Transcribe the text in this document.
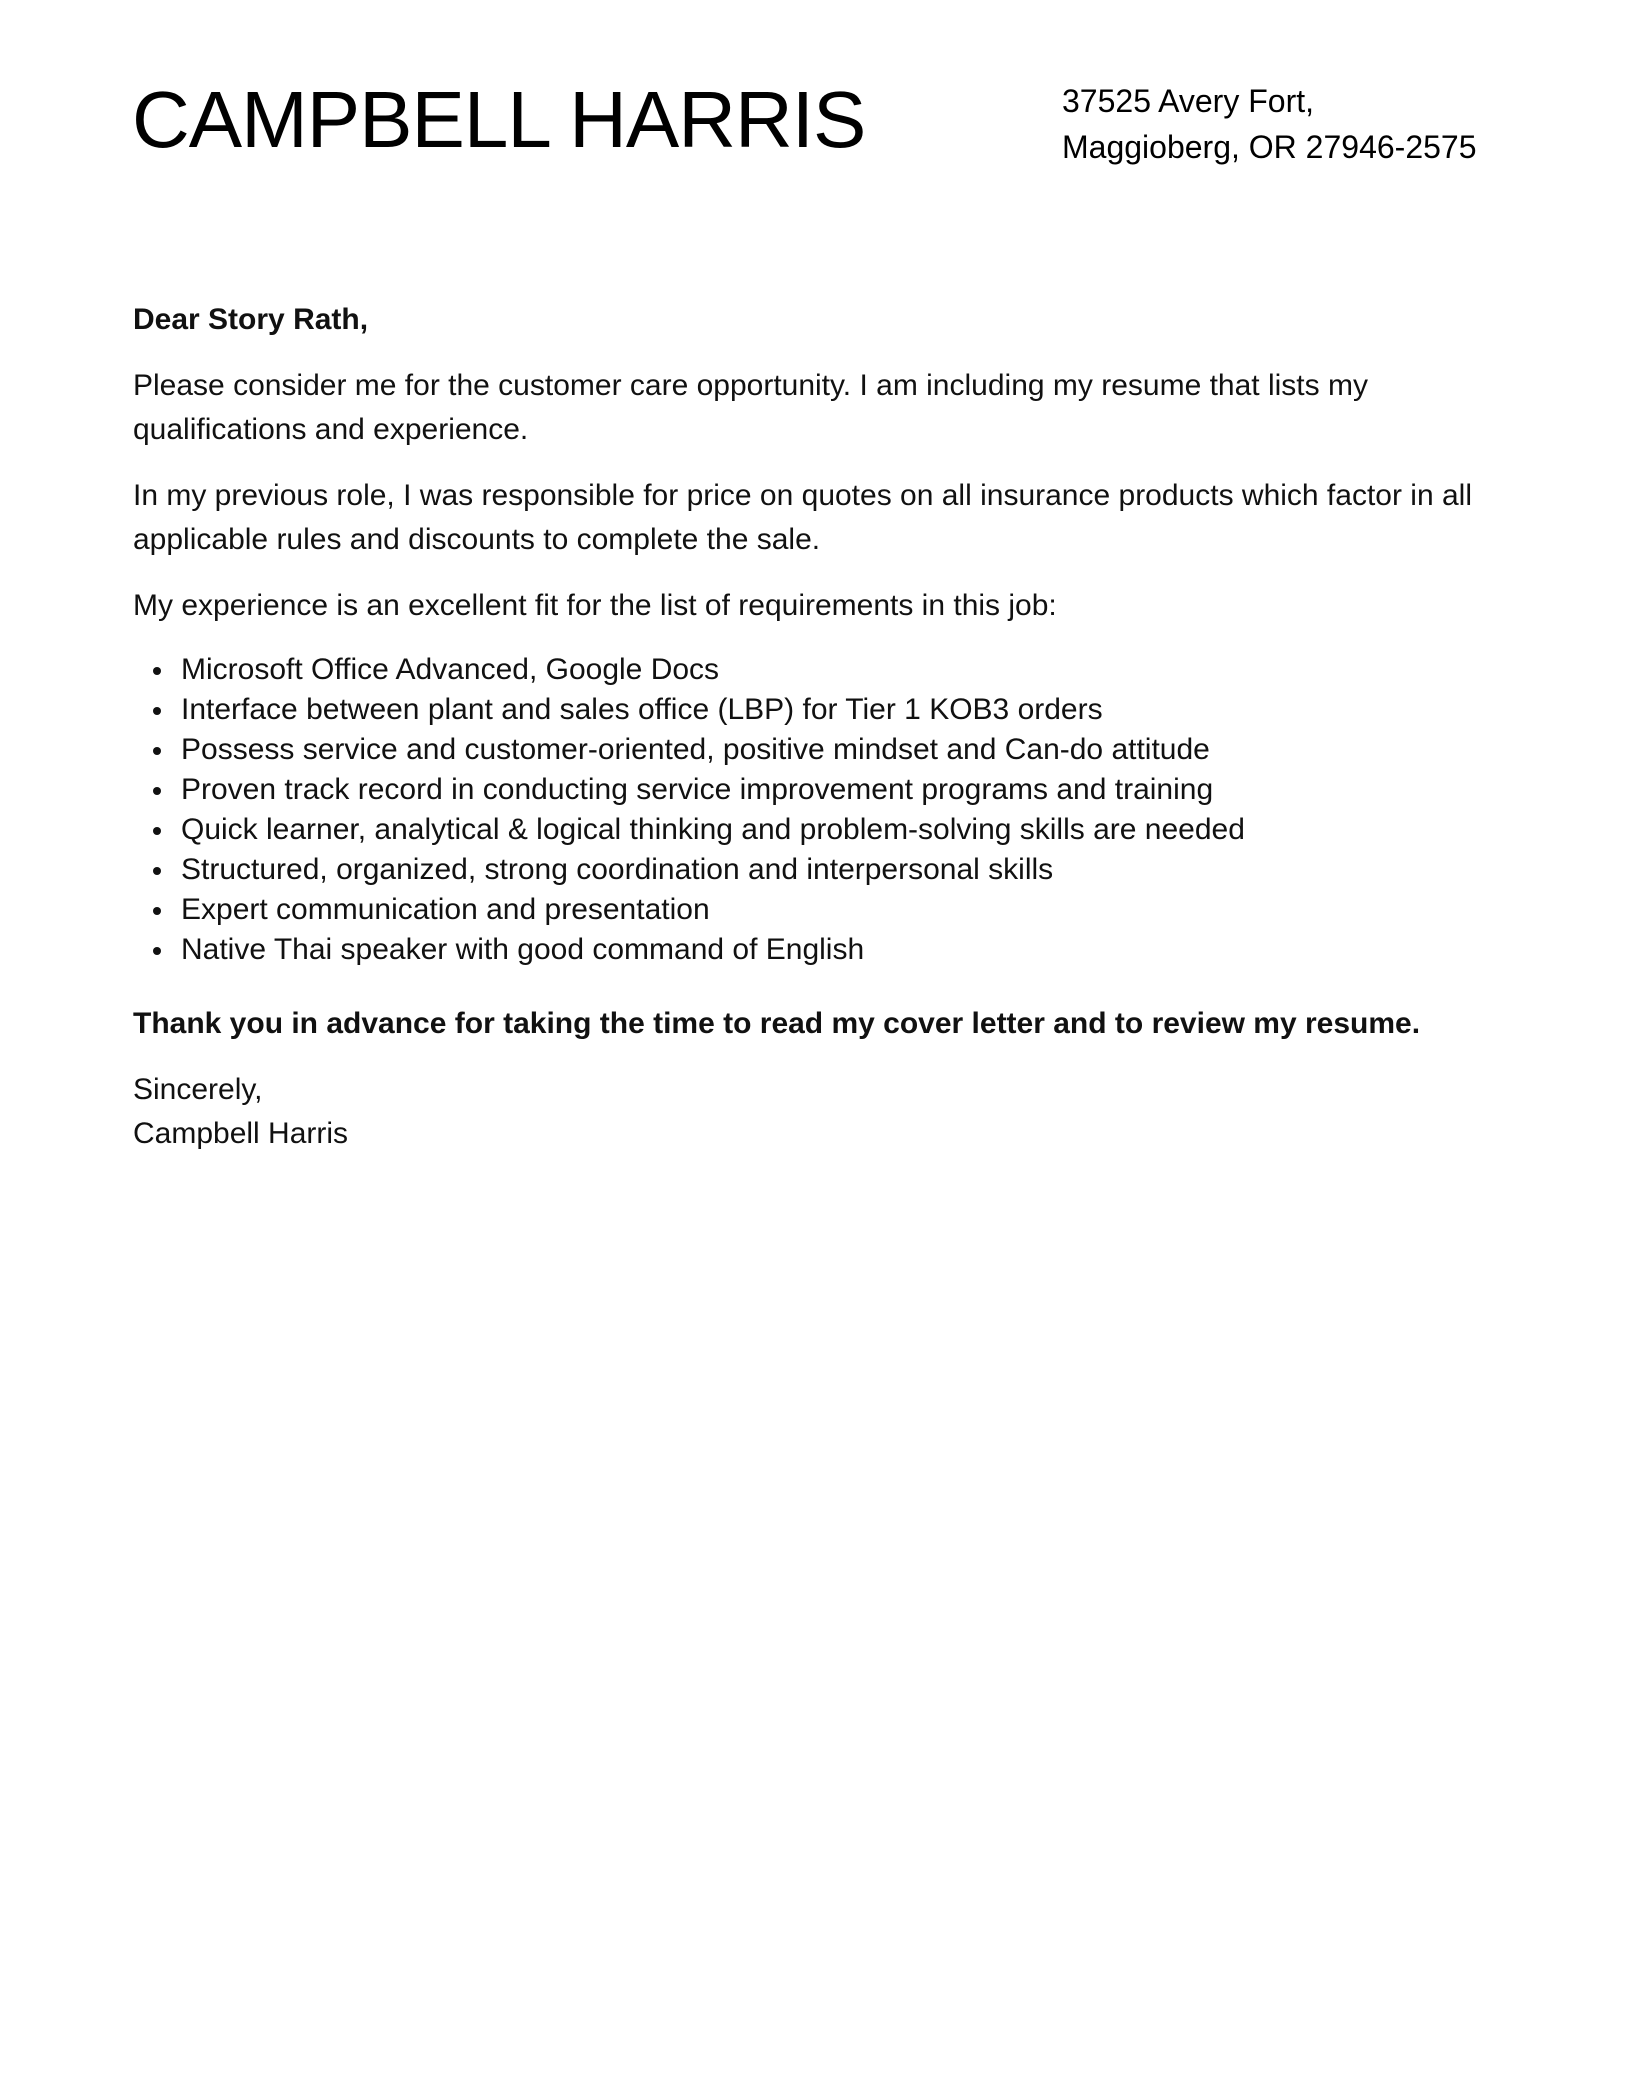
CAMPBELL HARRIS	37525 Avery Fort,
Maggioberg, OR 27946-2575

Dear Story Rath,

Please consider me for the customer care opportunity. I am including my resume that lists my qualifications and experience.

In my previous role, I was responsible for price on quotes on all insurance products which factor in all applicable rules and discounts to complete the sale.

My experience is an excellent fit for the list of requirements in this job:

Microsoft Office Advanced, Google Docs
Interface between plant and sales office (LBP) for Tier 1 KOB3 orders
Possess service and customer-oriented, positive mindset and Can-do attitude
Proven track record in conducting service improvement programs and training
Quick learner, analytical & logical thinking and problem-solving skills are needed
Structured, organized, strong coordination and interpersonal skills
Expert communication and presentation
Native Thai speaker with good command of English

Thank you in advance for taking the time to read my cover letter and to review my resume.

Sincerely,
Campbell Harris
